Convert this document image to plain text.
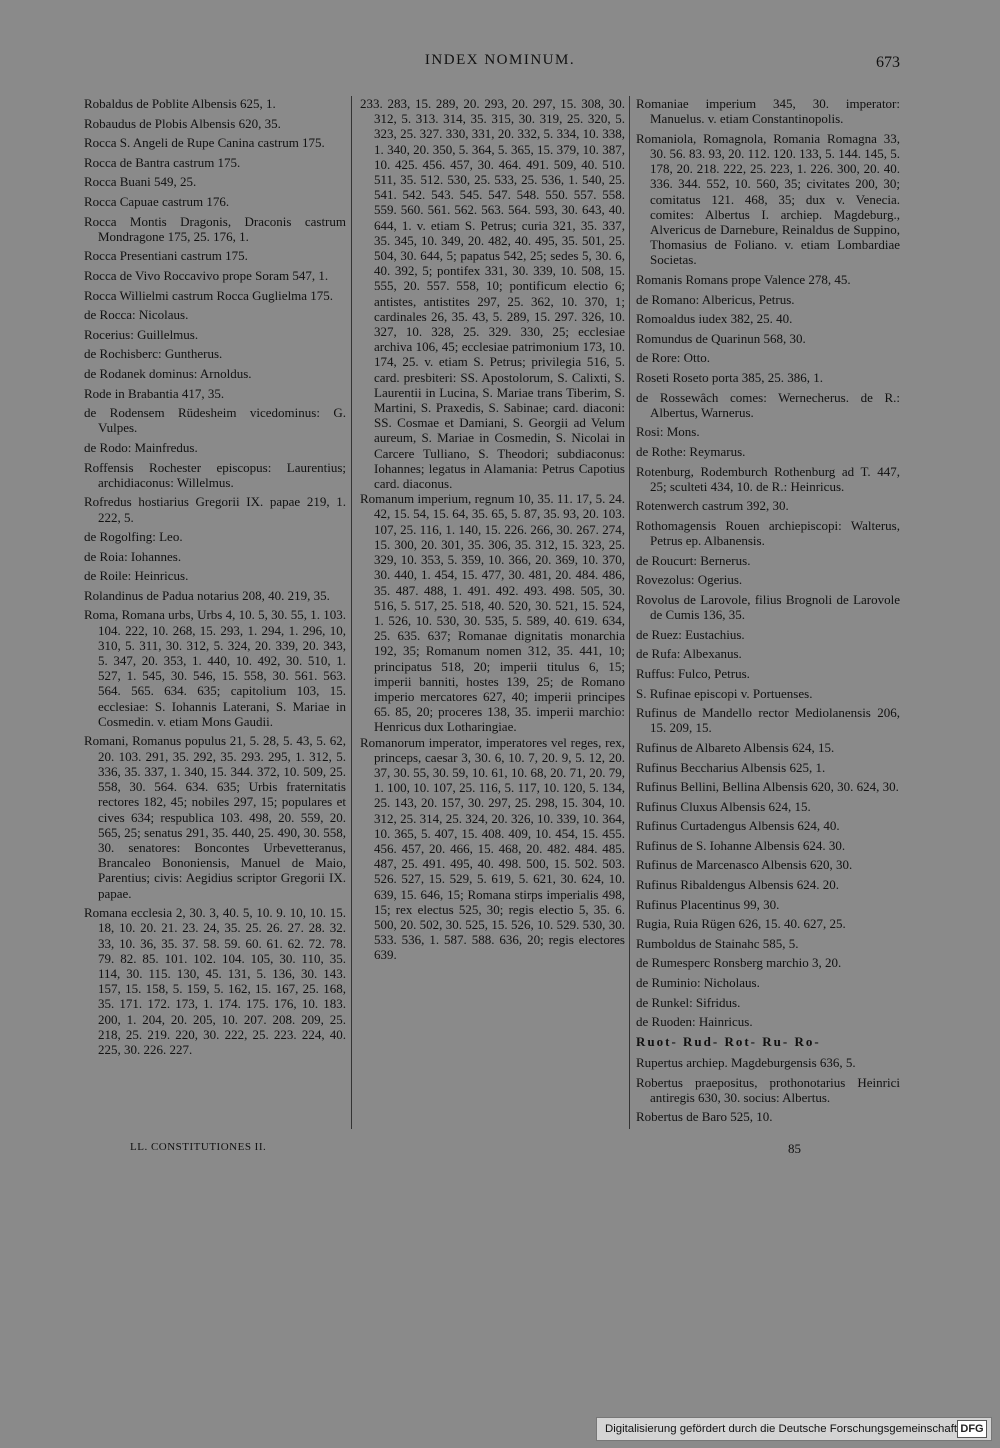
INDEX NOMINUM.	673
Robaldus de Poblite Albensis 625, 1.
Robaudus de Plobis Albensis 620, 35.
Rocca S. Angeli de Rupe Canina castrum 175.
Rocca de Bantra castrum 175.
Rocca Buani 549, 25.
Rocca Capuae castrum 176.
Rocca Montis Dragonis, Draconis castrum Mondragone 175, 25. 176, 1.
Rocca Presentiani castrum 175.
Rocca de Vivo Roccavivo prope Soram 547, 1.
Rocca Willielmi castrum Rocca Guglielma 175.
de Rocca: Nicolaus.
Rocerius: Guillelmus.
de Rochisberc: Guntherus.
de Rodanek dominus: Arnoldus.
Rode in Brabantia 417, 35.
de Rodensem Rüdesheim vicedominus: G. Vulpes.
de Rodo: Mainfredus.
Roffensis Rochester episcopus: Laurentius; archidiaconus: Willelmus.
Rofredus hostiarius Gregorii IX. papae 219, 1. 222, 5.
de Rogolfing: Leo.
de Roia: Iohannes.
de Roile: Heinricus.
Rolandinus de Padua notarius 208, 40. 219, 35.
Roma, Romana urbs, Urbs 4, 10. 5, 30. 55, 1. 103. 104. 222, 10. 268, 15. 293, 1. 294, 1. 296, 10, 310, 5. 311, 30. 312, 5. 324, 20. 339, 20. 343, 5. 347, 20. 353, 1. 440, 10. 492, 30. 510, 1. 527, 1. 545, 30. 546, 15. 558, 30. 561. 563. 564. 565. 634. 635; capitolium 103, 15. ecclesiae: S. Iohannis Laterani, S. Mariae in Cosmedin. v. etiam Mons Gaudii.
Romani, Romanus populus 21, 5. 28, 5. 43, 5. 62, 20. 103. 291, 35. 292, 35. 293. 295, 1. 312, 5. 336, 35. 337, 1. 340, 15. 344. 372, 10. 509, 25. 558, 30. 564. 634. 635; Urbis fraternitatis rectores 182, 45; nobiles 297, 15; populares et cives 634; respublica 103. 498, 20. 559, 20. 565, 25; senatus 291, 35. 440, 25. 490, 30. 558, 30. senatores: Boncontes Urbevetteranus, Brancaleo Bononiensis, Manuel de Maio, Parentius; civis: Aegidius scriptor Gregorii IX. papae.
Romana ecclesia 2, 30. 3, 40. 5, 10. 9. 10, 10. 15. 18, 10. 20. 21. 23. 24, 35. 25. 26. 27. 28. 32. 33, 10. 36, 35. 37. 58. 59. 60. 61. 62. 72. 78. 79. 82. 85. 101. 102. 104. 105, 30. 110, 35. 114, 30. 115. 130, 45. 131, 5. 136, 30. 143. 157, 15. 158, 5. 159, 5. 162, 15. 167, 25. 168, 35. 171. 172. 173, 1. 174. 175. 176, 10. 183. 200, 1. 204, 20. 205, 10. 207. 208. 209, 25. 218, 25. 219. 220, 30. 222, 25. 223. 224, 40. 225, 30. 226. 227.
233. 283, 15. 289, 20. 293, 20. 297, 15. 308, 30. 312, 5. 313. 314, 35. 315, 30. 319, 25. 320, 5. 323, 25. 327. 330, 331, 20. 332, 5. 334, 10. 338, 1. 340, 20. 350, 5. 364, 5. 365, 15. 379, 10. 387, 10. 425. 456. 457, 30. 464. 491. 509, 40. 510. 511, 35. 512. 530, 25. 533, 25. 536, 1. 540, 25. 541. 542. 543. 545. 547. 548. 550. 557. 558. 559. 560. 561. 562. 563. 564. 593, 30. 643, 40. 644, 1. v. etiam S. Petrus; curia 321, 35. 337, 35. 345, 10. 349, 20. 482, 40. 495, 35. 501, 25. 504, 30. 644, 5; papatus 542, 25; sedes 5, 30. 6, 40. 392, 5; pontifex 331, 30. 339, 10. 508, 15. 555, 20. 557. 558, 10; pontificum electio 6; antistes, antistites 297, 25. 362, 10. 370, 1; cardinales 26, 35. 43, 5. 289, 15. 297. 326, 10. 327, 10. 328, 25. 329. 330, 25; ecclesiae archiva 106, 45; ecclesiae patrimonium 173, 10. 174, 25. v. etiam S. Petrus; privilegia 516, 5. card. presbiteri: SS. Apostolorum, S. Calixti, S. Laurentii in Lucina, S. Mariae trans Tiberim, S. Martini, S. Praxedis, S. Sabinae; card. diaconi: SS. Cosmae et Damiani, S. Georgii ad Velum aureum, S. Mariae in Cosmedin, S. Nicolai in Carcere Tulliano, S. Theodori; subdiaconus: Iohannes; legatus in Alamania: Petrus Capotius card. diaconus.
Romanum imperium, regnum 10, 35. 11. 17, 5. 24. 42, 15. 54, 15. 64, 35. 65, 5. 87, 35. 93, 20. 103. 107, 25. 116, 1. 140, 15. 226. 266, 30. 267. 274, 15. 300, 20. 301, 35. 306, 35. 312, 15. 323, 25. 329, 10. 353, 5. 359, 10. 366, 20. 369, 10. 370, 30. 440, 1. 454, 15. 477, 30. 481, 20. 484. 486, 35. 487. 488, 1. 491. 492. 493. 498. 505, 30. 516, 5. 517, 25. 518, 40. 520, 30. 521, 15. 524, 1. 526, 10. 530, 30. 535, 5. 589, 40. 619. 634, 25. 635. 637; Romanae dignitatis monarchia 192, 35; Romanum nomen 312, 35. 441, 10; principatus 518, 20; imperii titulus 6, 15; imperii banniti, hostes 139, 25; de Romano imperio mercatores 627, 40; imperii principes 65. 85, 20; proceres 138, 35. imperii marchio: Henricus dux Lotharingiae.
Romanorum imperator, imperatores vel reges, rex, princeps, caesar 3, 30. 6, 10. 7, 20. 9, 5. 12, 20. 37, 30. 55, 30. 59, 10. 61, 10. 68, 20. 71, 20. 79, 1. 100, 10. 107, 25. 116, 5. 117, 10. 120, 5. 134, 25. 143, 20. 157, 30. 297, 25. 298, 15. 304, 10. 312, 25. 314, 25. 324, 20. 326, 10. 339, 10. 364, 10. 365, 5. 407, 15. 408. 409, 10. 454, 15. 455. 456. 457, 20. 466, 15. 468, 20. 482. 484. 485. 487, 25. 491. 495, 40. 498. 500, 15. 502. 503. 526. 527, 15. 529, 5. 619, 5. 621, 30. 624, 10. 639, 15. 646, 15; Romana stirps imperialis 498, 15; rex electus 525, 30; regis electio 5, 35. 6. 500, 20. 502, 30. 525, 15. 526, 10. 529. 530, 30. 533. 536, 1. 587. 588. 636, 20; regis electores 639.
Romaniae imperium 345, 30. imperator: Manuelus. v. etiam Constantinopolis.
Romaniola, Romagnola, Romania Romagna 33, 30. 56. 83. 93, 20. 112. 120. 133, 5. 144. 145, 5. 178, 20. 218. 222, 25. 223, 1. 226. 300, 20. 40. 336. 344. 552, 10. 560, 35; civitates 200, 30; comitatus 121. 468, 35; dux v. Venecia. comites: Albertus I. archiep. Magdeburg., Alvericus de Darnebure, Reinaldus de Suppino, Thomasius de Foliano. v. etiam Lombardiae Societas.
Romanis Romans prope Valence 278, 45.
de Romano: Albericus, Petrus.
Romoaldus iudex 382, 25. 40.
Romundus de Quarinun 568, 30.
de Rore: Otto.
Roseti Roseto porta 385, 25. 386, 1.
de Rossewâch comes: Wernecherus. de R.: Albertus, Warnerus.
Rosi: Mons.
de Rothe: Reymarus.
Rotenburg, Rodemburch Rothenburg ad T. 447, 25; sculteti 434, 10. de R.: Heinricus.
Rotenwerch castrum 392, 30.
Rothomagensis Rouen archiepiscopi: Walterus, Petrus ep. Albanensis.
de Roucurt: Bernerus.
Rovezolus: Ogerius.
Rovolus de Larovole, filius Brognoli de Larovole de Cumis 136, 35.
de Ruez: Eustachius.
de Rufa: Albexanus.
Ruffus: Fulco, Petrus.
S. Rufinae episcopi v. Portuenses.
Rufinus de Mandello rector Mediolanensis 206, 15. 209, 15.
Rufinus de Albareto Albensis 624, 15.
Rufinus Beccharius Albensis 625, 1.
Rufinus Bellini, Bellina Albensis 620, 30. 624, 30.
Rufinus Cluxus Albensis 624, 15.
Rufinus Curtadengus Albensis 624, 40.
Rufinus de S. Iohanne Albensis 624. 30.
Rufinus de Marcenasco Albensis 620, 30.
Rufinus Ribaldengus Albensis 624. 20.
Rufinus Placentinus 99, 30.
Rugia, Ruia Rügen 626, 15. 40. 627, 25.
Rumboldus de Stainahc 585, 5.
de Rumesperc Ronsberg marchio 3, 20.
de Ruminio: Nicholaus.
de Runkel: Sifridus.
de Ruoden: Hainricus.
Ruot- Rud- Rot- Ru- Ro-
Rupertus archiep. Magdeburgensis 636, 5.
Robertus praepositus, prothonotarius Heinrici antiregis 630, 30. socius: Albertus.
Robertus de Baro 525, 10.
LL. CONSTITUTIONES II.	85
Digitalisierung gefördert durch die Deutsche Forschungsgemeinschaft DFG
